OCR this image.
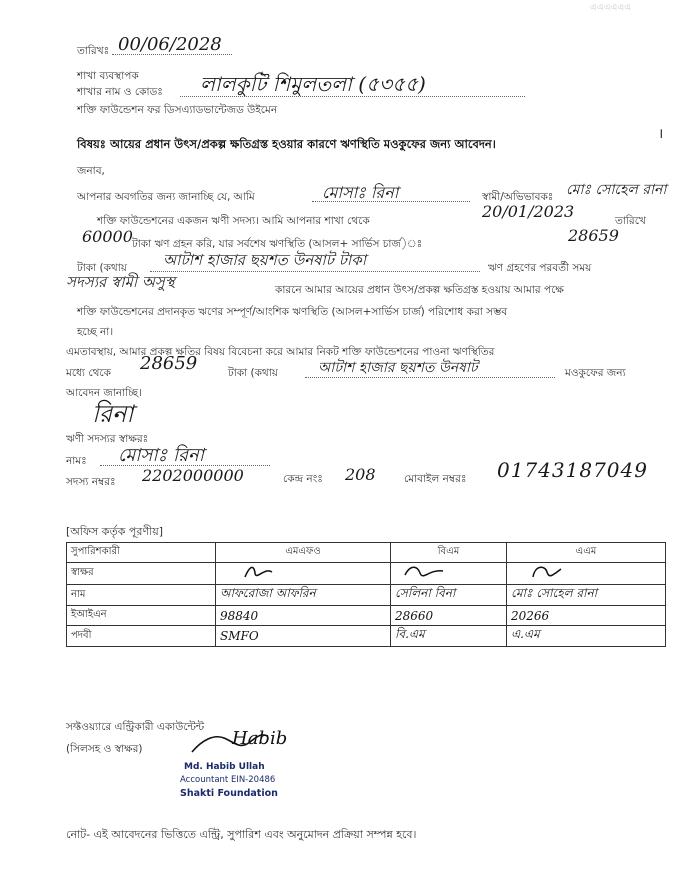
এএএএএএ
তারিখঃ 00/06/2028
শাখা ব্যবস্থাপক
শাখার নাম ও কোডঃ লালকুটি শিমুলতলা (৫৩৫৫)
শক্তি ফাউন্ডেশন ফর ডিসএ্যাডভান্টেজড উইমেন
।
বিষয়ঃ আয়ের প্রধান উৎস/প্রকল্প ক্ষতিগ্রস্ত হওয়ার কারণে ঋণস্থিতি মওকুফের জন্য আবেদন।
জনাব,
আপনার অবগতির জন্য জানাচ্ছি যে, আমি	মোসাঃ রিনা	স্বামী/অভিভাবকঃ মোঃ সোহেল রানা
শক্তি ফাউন্ডেশনের একজন ঋণী সদস্য। আমি আপনার শাখা থেকে	20/01/2023	তারিখে
60000 টাকা ঋণ গ্রহন করি, যার সর্বশেষ ঋণস্থিতি (আসল+ সার্ভিস চার্জ)ঃ	28659
টাকা (কথায় আটাশ হাজার ছয়শত উনষাট টাকা	ঋণ গ্রহণের পরবর্তী সময়
সদস্যর স্বামী অসুস্থ	কারনে আমার আয়ের প্রধান উৎস/প্রকল্প ক্ষতিগ্রস্ত হওয়ায় আমার পক্ষে
শক্তি ফাউন্ডেশনের প্রদানকৃত ঋণের সম্পূর্ণ/আংশিক ঋণস্থিতি (আসল+সার্ভিস চার্জ) পরিশোধ করা সম্ভব
হচ্ছে না।
এমতাবস্থায়, আমার প্রকল্প ক্ষতির বিষয় বিবেচনা করে আমার নিকট শক্তি ফাউন্ডেশনের পাওনা ঋণস্থিতির
মধ্যে থেকে 28659	টাকা (কথায়	আটাশ হাজার ছয়শত উনষাট	মওকুফের জন্য
আবেদন জানাচ্ছি।
রিনা
ঋণী সদস্যর স্বাক্ষরঃ
নামঃ মোসাঃ রিনা
সদস্য নম্বরঃ 2202000000	কেন্দ্র নংঃ 208	মোবাইল নম্বরঃ 01743187049
[অফিস কর্তৃক পূরণীয়]
সুপারিশকারী	এমএফও	বিএম	এএম
স্বাক্ষর			
নাম	আফরোজা আফরিন	সেলিনা বিনা	মোঃ সোহেল রানা
ইআইএন	98840	28660	20266
পদবী	SMFO	বি.এম	এ.এম
সফ্টওয়্যারে এন্ট্রিকারী একাউন্টেন্ট
(সিলসহ ও স্বাক্ষর)	Habib
Md. Habib Ullah
Accountant EIN-20486
Shakti Foundation
নোট- এই আবেদনের ভিত্তিতে এন্ট্রি, সুপারিশ এবং অনুমোদন প্রক্রিয়া সম্পন্ন হবে।
